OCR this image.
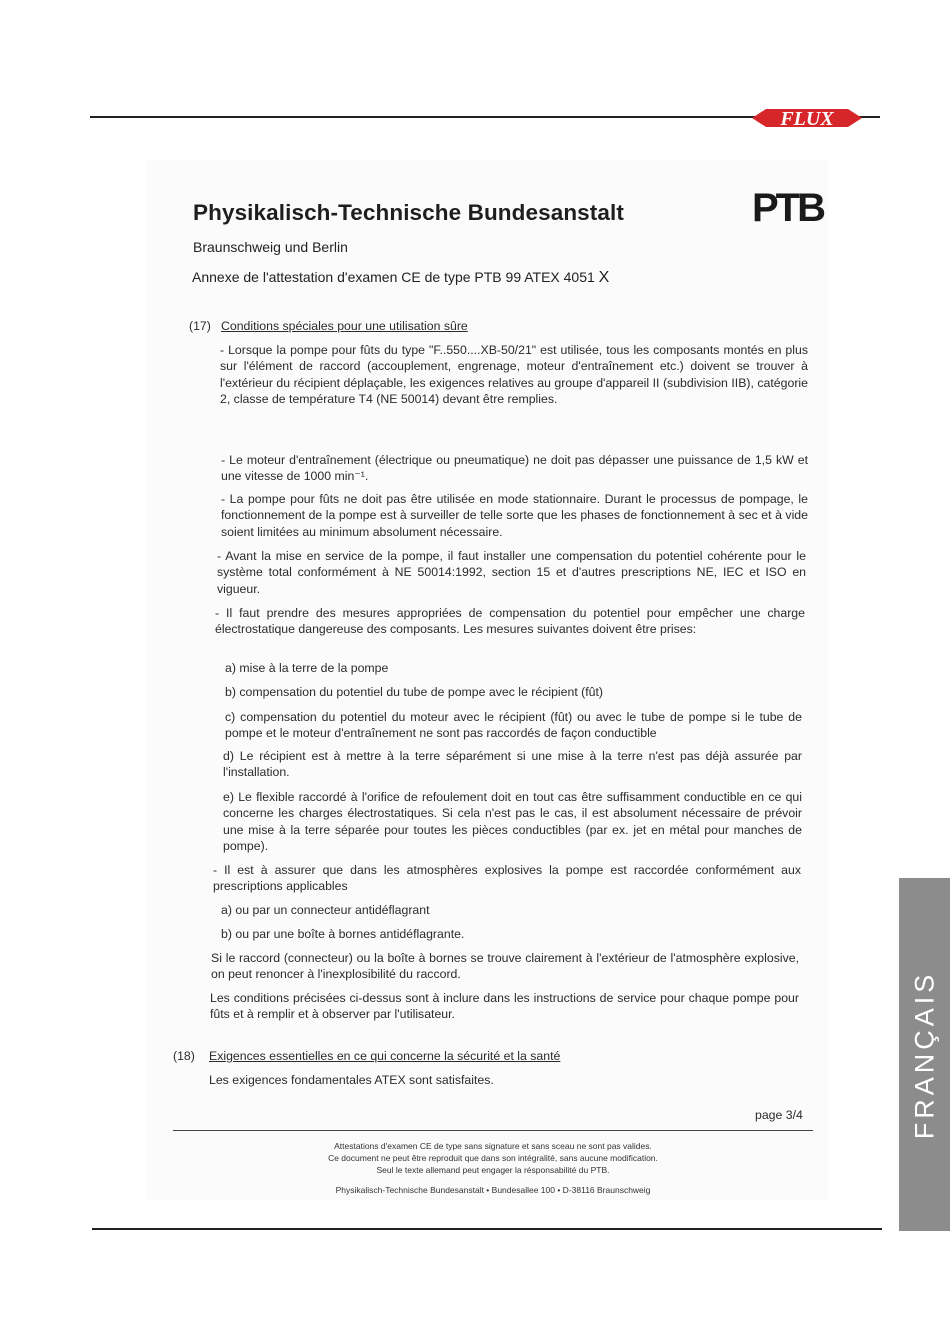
FLUX
FRANÇAIS
Physikalisch-Technische Bundesanstalt	PTB
Braunschweig und Berlin
Annexe de l'attestation d'examen CE de type PTB 99 ATEX 4051 X
(17) Conditions spéciales pour une utilisation sûre
- Lorsque la pompe pour fûts du type "F..550....XB-50/21" est utilisée, tous les composants montés en plus sur l'élément de raccord (accouplement, engrenage, moteur d'entraînement etc.) doivent se trouver à l'extérieur du récipient déplaçable, les exigences relatives au groupe d'appareil II (subdivision IIB), catégorie 2, classe de température T4 (NE 50014) devant être remplies.
- Le moteur d'entraînement (électrique ou pneumatique) ne doit pas dépasser une puissance de 1,5 kW et une vitesse de 1000 min⁻¹.
- La pompe pour fûts ne doit pas être utilisée en mode stationnaire. Durant le processus de pompage, le fonctionnement de la pompe est à surveiller de telle sorte que les phases de fonctionnement à sec et à vide soient limitées au minimum absolument nécessaire.
- Avant la mise en service de la pompe, il faut installer une compensation du potentiel cohérente pour le système total conformément à NE 50014:1992, section 15 et d'autres prescriptions NE, IEC et ISO en vigueur.
- Il faut prendre des mesures appropriées de compensation du potentiel pour empêcher une charge électrostatique dangereuse des composants. Les mesures suivantes doivent être prises:
a) mise à la terre de la pompe
b) compensation du potentiel du tube de pompe avec le récipient (fût)
c) compensation du potentiel du moteur avec le récipient (fût) ou avec le tube de pompe si le tube de pompe et le moteur d'entraînement ne sont pas raccordés de façon conductible
d) Le récipient est à mettre à la terre séparément si une mise à la terre n'est pas déjà assurée par l'installation.
e) Le flexible raccordé à l'orifice de refoulement doit en tout cas être suffisamment conductible en ce qui concerne les charges électrostatiques. Si cela n'est pas le cas, il est absolument nécessaire de prévoir une mise à la terre séparée pour toutes les pièces conductibles (par ex. jet en métal pour manches de pompe).
- Il est à assurer que dans les atmosphères explosives la pompe est raccordée conformément aux prescriptions applicables
a) ou par un connecteur antidéflagrant
b) ou par une boîte à bornes antidéflagrante.
Si le raccord (connecteur) ou la boîte à bornes se trouve clairement à l'extérieur de l'atmosphère explosive, on peut renoncer à l'inexplosibilité du raccord.
Les conditions précisées ci-dessus sont à inclure dans les instructions de service pour chaque pompe pour fûts et à remplir et à observer par l'utilisateur.
(18) Exigences essentielles en ce qui concerne la sécurité et la santé
Les exigences fondamentales ATEX sont satisfaites.
page 3/4
Attestations d'examen CE de type sans signature et sans sceau ne sont pas valides.
Ce document ne peut être reproduit que dans son intégralité, sans aucune modification.
Seul le texte allemand peut engager la résponsabilité du PTB.
Physikalisch-Technische Bundesanstalt • Bundesallee 100 • D-38116 Braunschweig
